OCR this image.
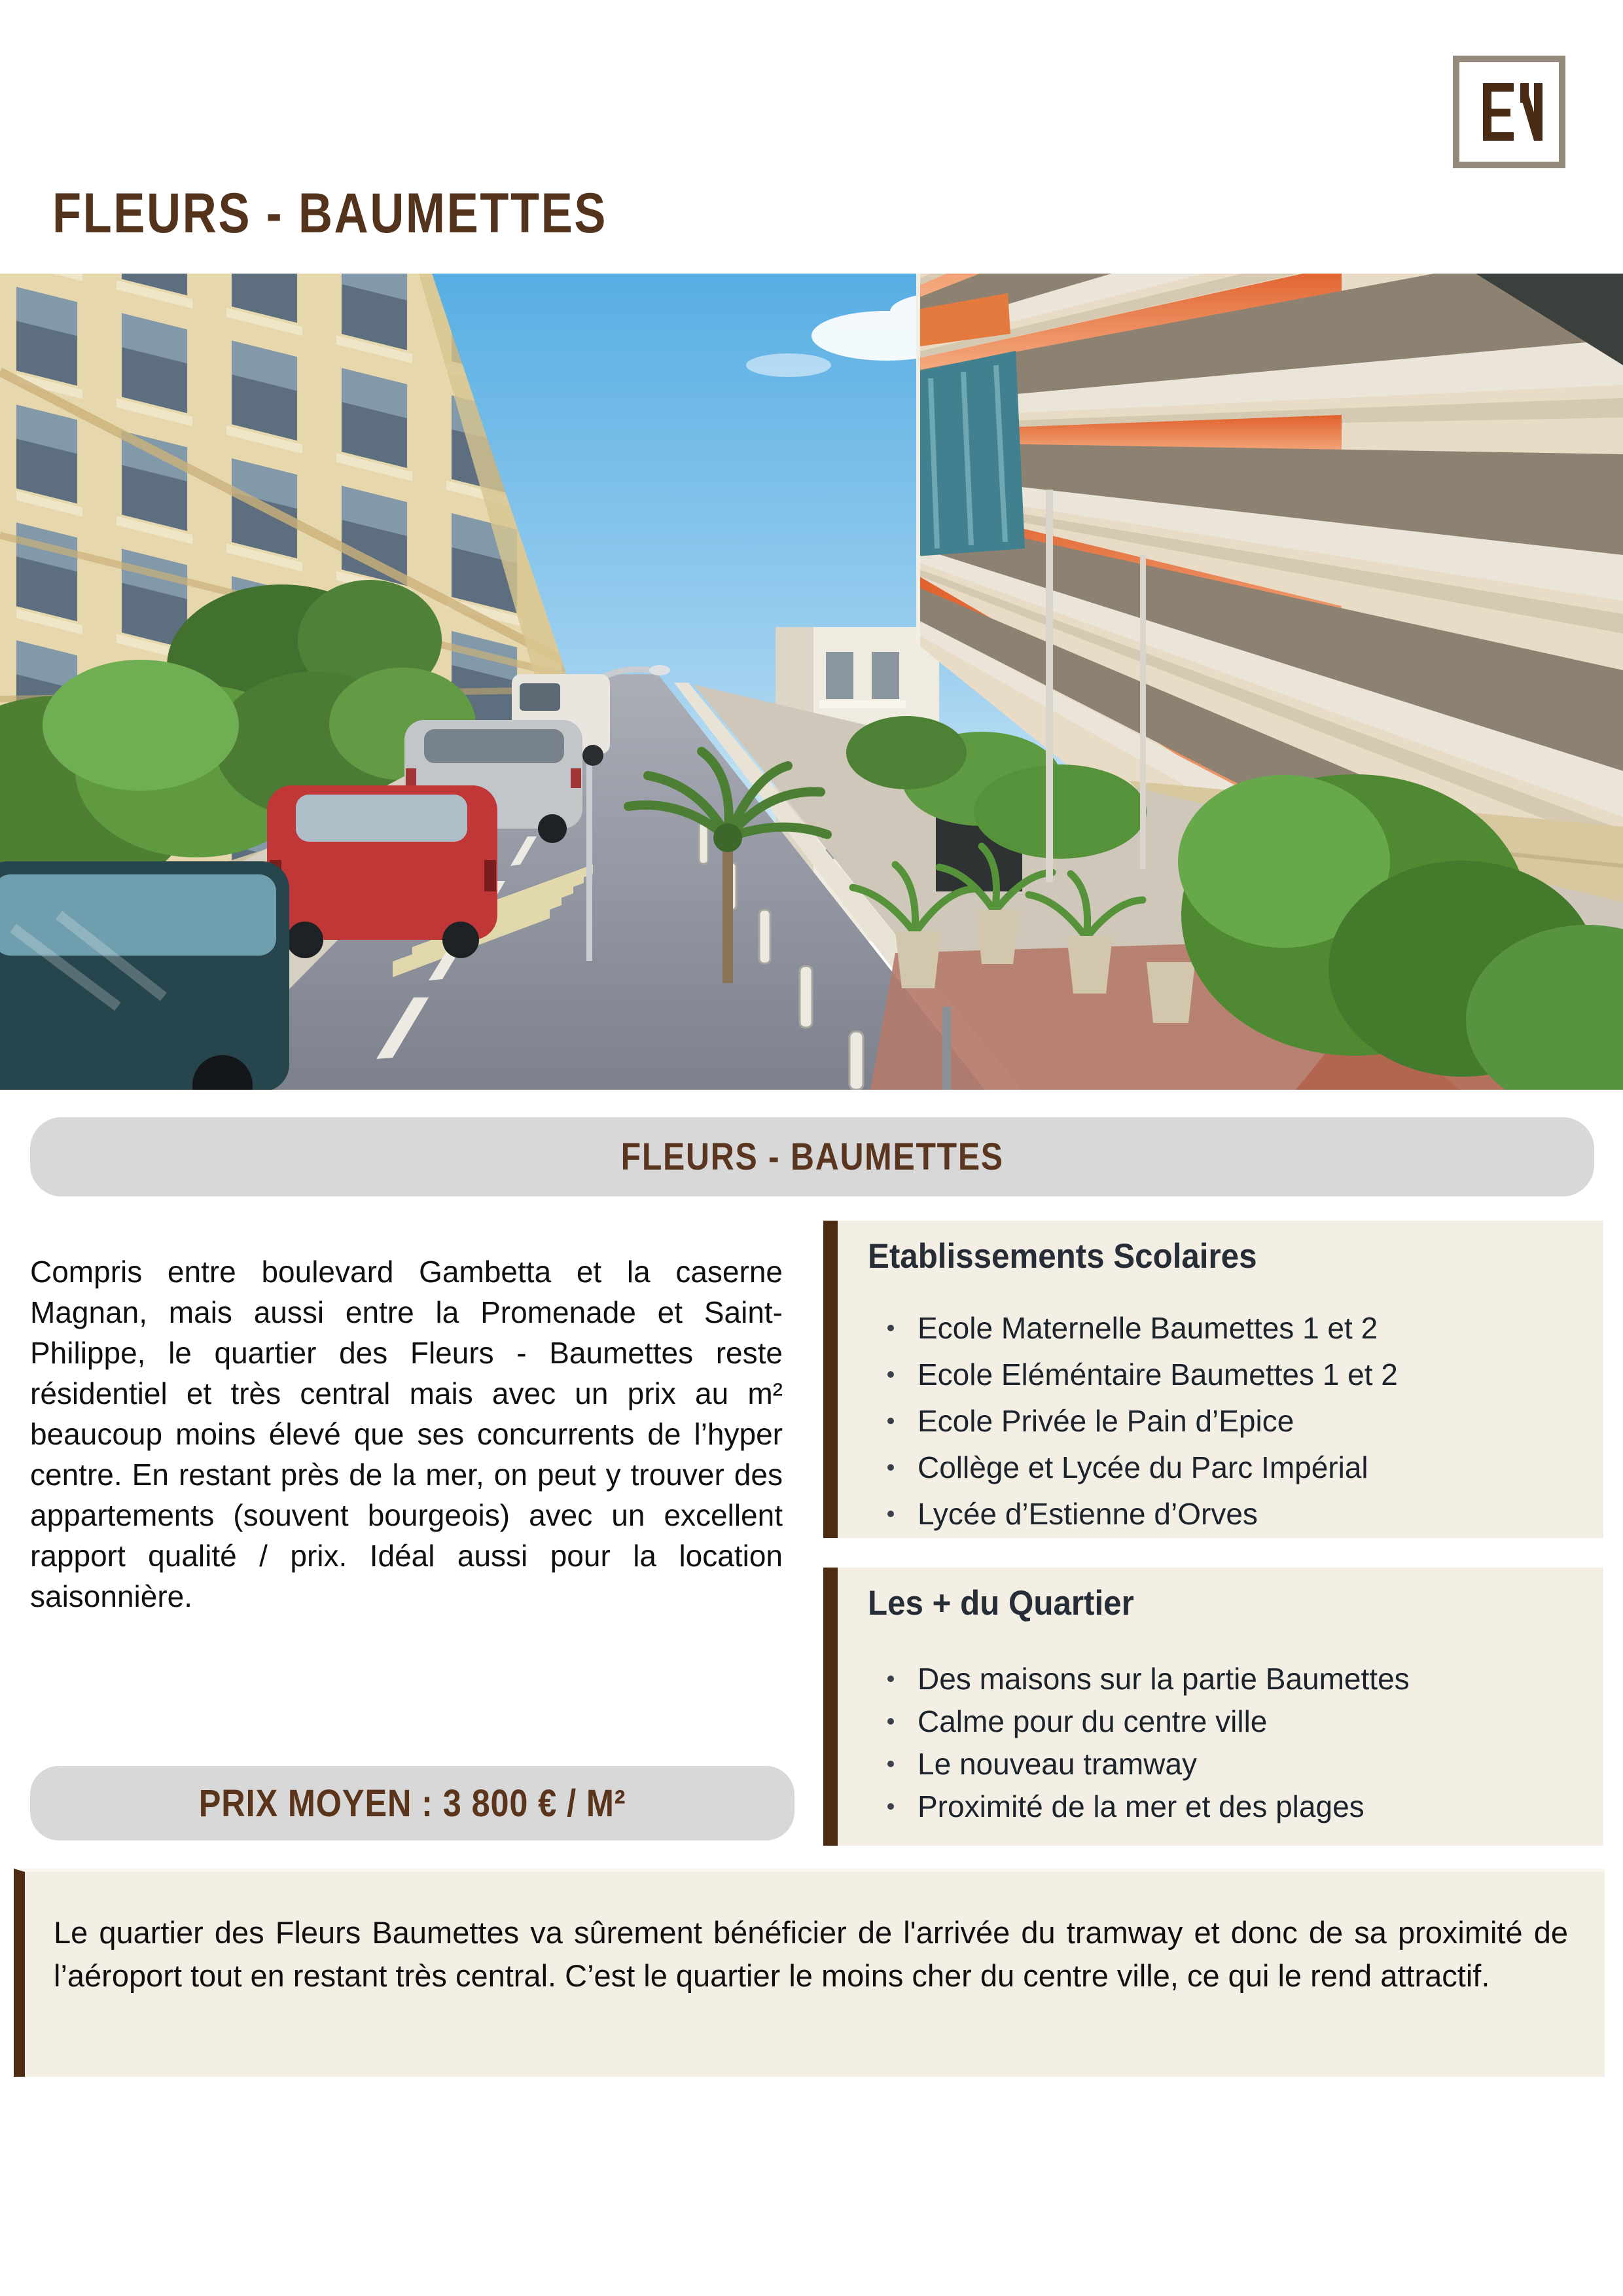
FLEURS - BAUMETTES
FLEURS - BAUMETTES

Compris entre boulevard Gambetta et la caserne Magnan, mais aussi entre la Promenade et Saint-Philippe, le quartier des Fleurs - Baumettes reste résidentiel et très central mais avec un prix au m² beaucoup moins élevé que ses concurrents de l’hyper centre. En restant près de la mer, on peut y trouver des appartements (souvent bourgeois) avec un excellent rapport qualité / prix. Idéal aussi pour la location saisonnière.

Etablissements Scolaires
Ecole Maternelle Baumettes 1 et 2
Ecole Eléméntaire Baumettes 1 et 2
Ecole Privée le Pain d’Epice
Collège et Lycée du Parc Impérial
Lycée d’Estienne d’Orves
Les + du Quartier
Des maisons sur la partie Baumettes
Calme pour du centre ville
Le nouveau tramway
Proximité de la mer et des plages
PRIX MOYEN : 3 800 € / M²
Le quartier des Fleurs Baumettes va sûrement bénéficier de l'arrivée du tramway et donc de sa proximité de l’aéroport tout en restant très central. C’est le quartier le moins cher du centre ville, ce qui le rend attractif.
